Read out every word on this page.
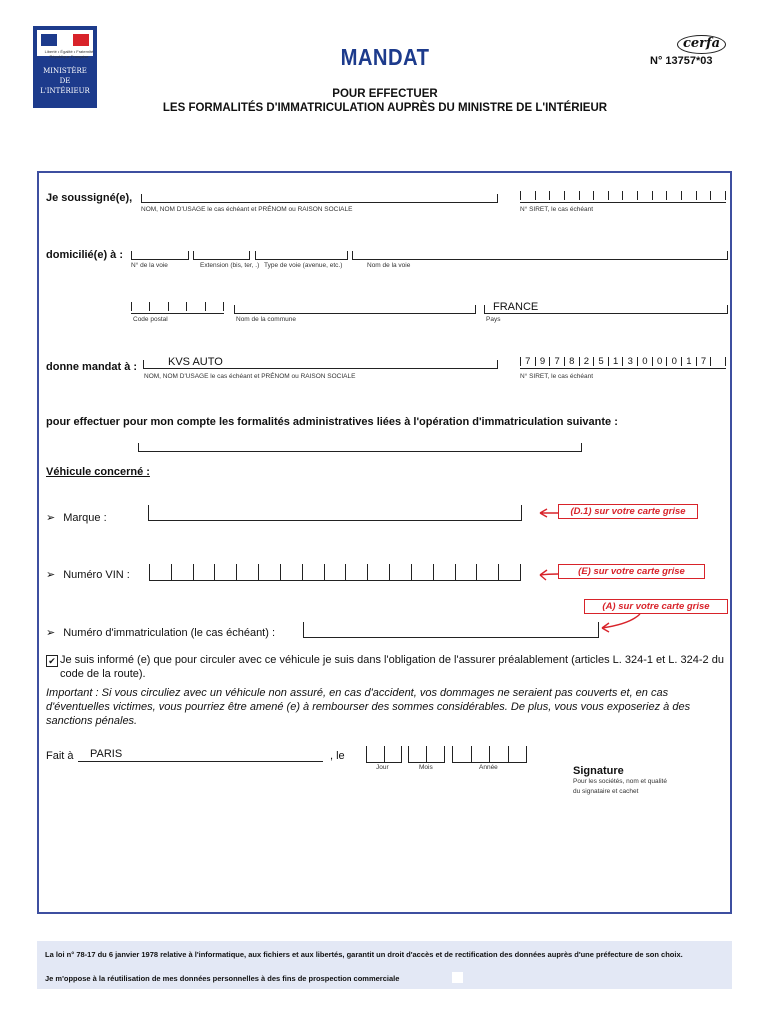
Liberté • Égalité • Fraternité
République Française
MINISTÈRE
DE
L'INTÉRIEUR
MANDAT
cerfa
N° 13757*03
POUR EFFECTUER
LES FORMALITÉS D'IMMATRICULATION AUPRÈS DU MINISTRE DE L'INTÉRIEUR
Je soussigné(e),
NOM, NOM D'USAGE le cas échéant et PRÉNOM ou RAISON SOCIALE	N° SIRET, le cas échéant
domicilié(e) à :
N° de la voie	Extension (bis, ter, .) Type de voie (avenue, etc.)	Nom de la voie
FRANCE
Code postal	Nom de la commune	Pays
donne mandat à :	KVS AUTO
NOM, NOM D'USAGE le cas échéant et PRÉNOM ou RAISON SOCIALE
7 9 7 8 2 5 1 3 0 0 0 1 7
N° SIRET, le cas échéant
pour effectuer pour mon compte les formalités administratives liées à l'opération d'immatriculation suivante :
Véhicule concerné :
➢ Marque :
(D.1) sur votre carte grise
➢ Numéro VIN :	(E) sur votre carte grise
(A) sur votre carte grise
➢ Numéro d'immatriculation (le cas échéant) :
✔ Je suis informé (e) que pour circuler avec ce véhicule je suis dans l'obligation de l'assurer préalablement (articles L. 324-1 et L. 324-2 du code de la route).
Important : Si vous circuliez avec un véhicule non assuré, en cas d'accident, vos dommages ne seraient pas couverts et, en cas d'éventuelles victimes, vous pourriez être amené (e) à rembourser des sommes considérables. De plus, vous vous exposeriez à des sanctions pénales.
Fait à PARIS	, le
Jour	Mois	Année	Signature
Pour les sociétés, nom et qualité
du signataire et cachet
La loi n° 78-17 du 6 janvier 1978 relative à l'informatique, aux fichiers et aux libertés, garantit un droit d'accès et de rectification des données auprès d'une préfecture de son choix.
Je m'oppose à la réutilisation de mes données personnelles à des fins de prospection commerciale
